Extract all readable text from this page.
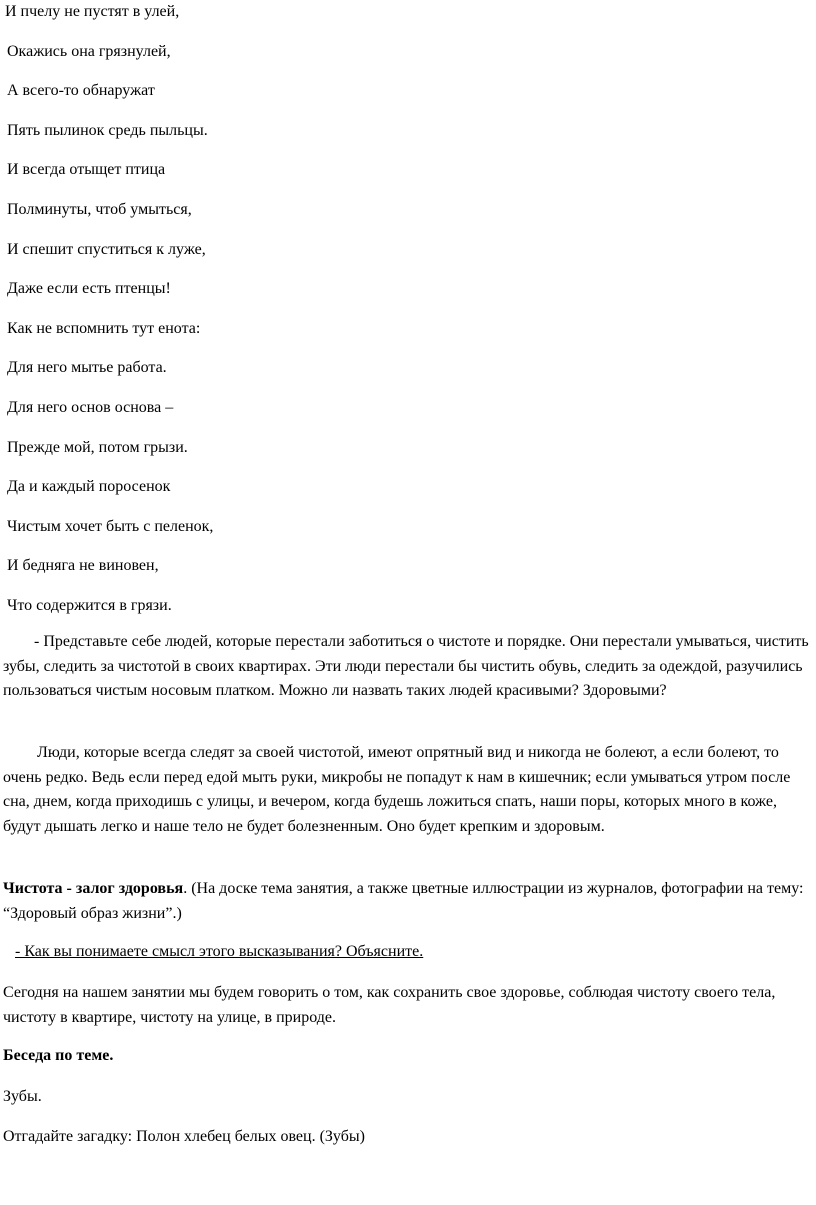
И пчелу не пустят в улей,
Окажись она грязнулей,
А всего-то обнаружат
Пять пылинок средь пыльцы.
И всегда отыщет птица
Полминуты, чтоб умыться,
И спешит спуститься к луже,
Даже если есть птенцы!
Как не вспомнить тут енота:
Для него мытье работа.
Для него основ основа –
Прежде мой, потом грызи.
Да и каждый поросенок
Чистым хочет быть с пеленок,
И бедняга не виновен,
Что содержится в грязи.

- Представьте себе людей, которые перестали заботиться о чистоте и порядке. Они перестали умываться, чистить зубы, следить за чистотой в своих квартирах. Эти люди перестали бы чистить обувь, следить за одеждой, разучились пользоваться чистым носовым платком. Можно ли назвать таких людей красивыми? Здоровыми?

Люди, которые всегда следят за своей чистотой, имеют опрятный вид и никогда не болеют, а если болеют, то очень редко. Ведь если перед едой мыть руки, микробы не попадут к нам в кишечник; если умываться утром после сна, днем, когда приходишь с улицы, и вечером, когда будешь ложиться спать, наши поры, которых много в коже, будут дышать легко и наше тело не будет болезненным. Оно будет крепким и здоровым.

Чистота - залог здоровья. (На доске тема занятия, а также цветные иллюстрации из журналов, фотографии на тему: “Здоровый образ жизни”.)

- Как вы понимаете смысл этого высказывания? Объясните.

Сегодня на нашем занятии мы будем говорить о том, как сохранить свое здоровье, соблюдая чистоту своего тела, чистоту в квартире, чистоту на улице, в природе.

Беседа по теме.

Зубы.

Отгадайте загадку: Полон хлебец белых овец. (Зубы)
